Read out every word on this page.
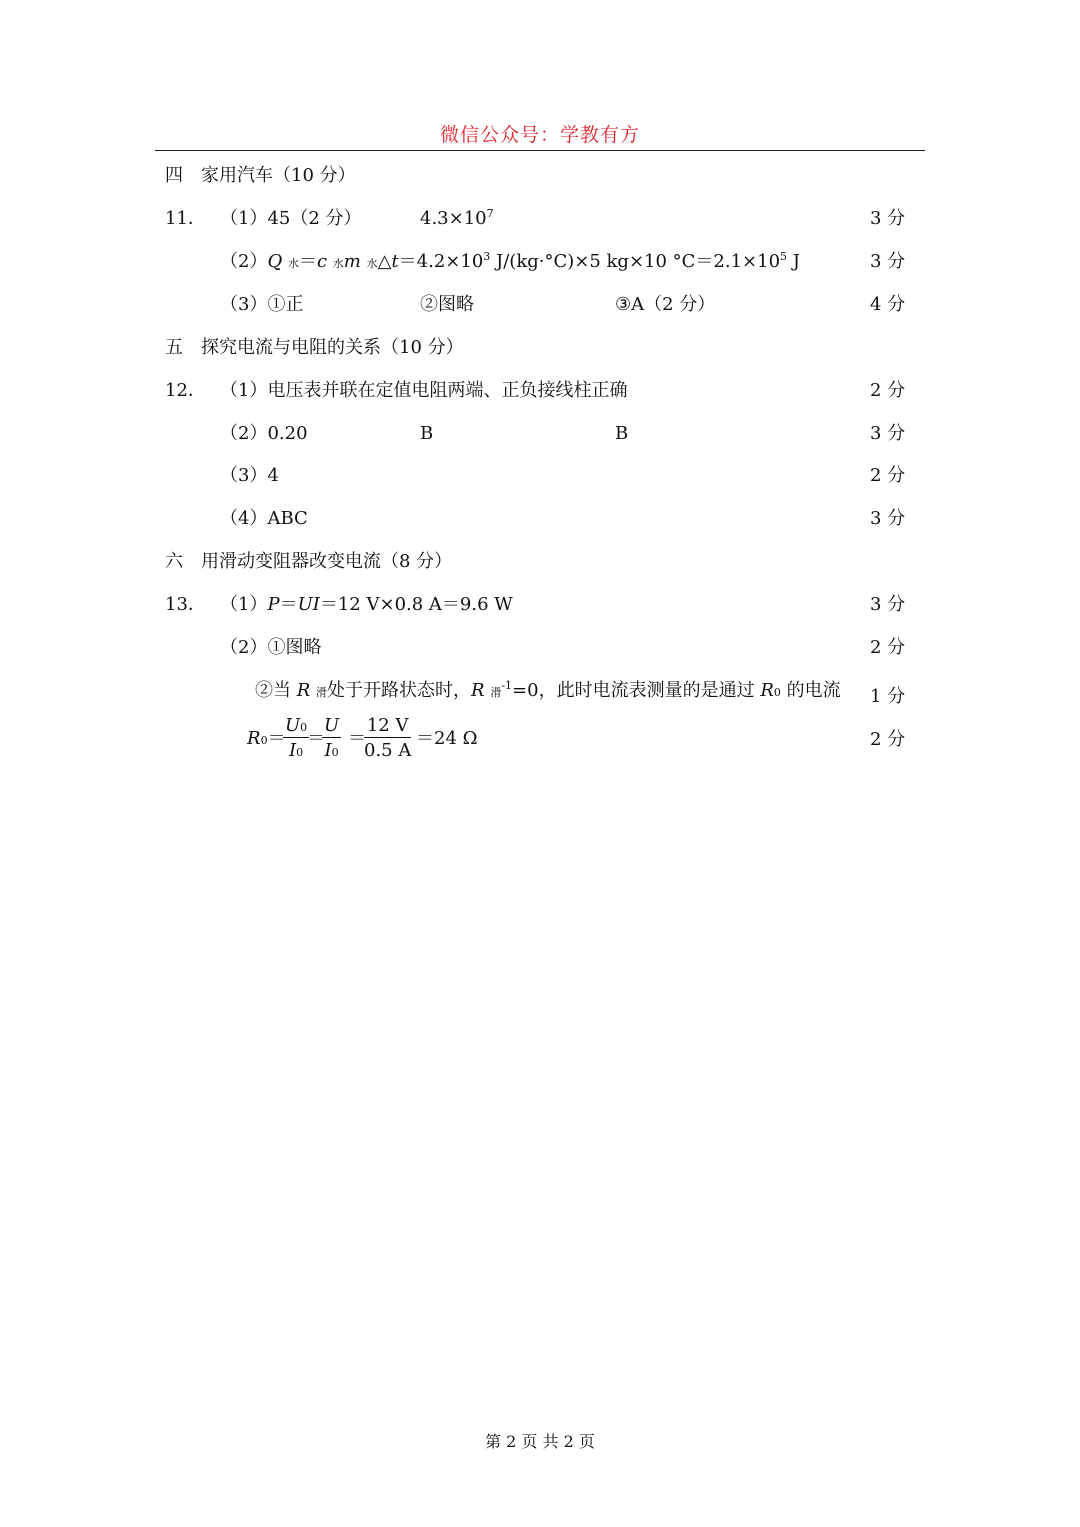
微信公众号：学教有方
四　家用汽车（10 分）
11． （1）45（2 分）	$4.3\times 10^7$	3 分
（2）Q 水＝c 水m 水$\triangle t=4.2\times 10^3$ J/(kg·°C)×5 kg×10 $^\circ C=2.1\times 10^5$ J	3 分
（3）①正	②图略	③A（2 分）	4 分
五　探究电流与电阻的关系（10 分）
12． （1）电压表并联在定值电阻两端、正负接线柱正确	2 分
（2）0.20	B	B	3 分
（3）4	2 分
（4）ABC	3 分
六　用滑动变阻器改变电流（8 分）
13． （1）P＝UI＝12 V×0.8 A＝9.6 W	3 分
（2）①图略	2 分
②当 R 滑处于开路状态时，R 滑$^{-1}$=0，此时电流表测量的是通过 R0 的电流 1 分
R0＝
$\frac{U0}{I0}$
＝
$\frac{U}{I0}$ ＝
$\frac{12 V}{0.5 A} =24$ Ω	2 分
第 2 页 共 2 页
